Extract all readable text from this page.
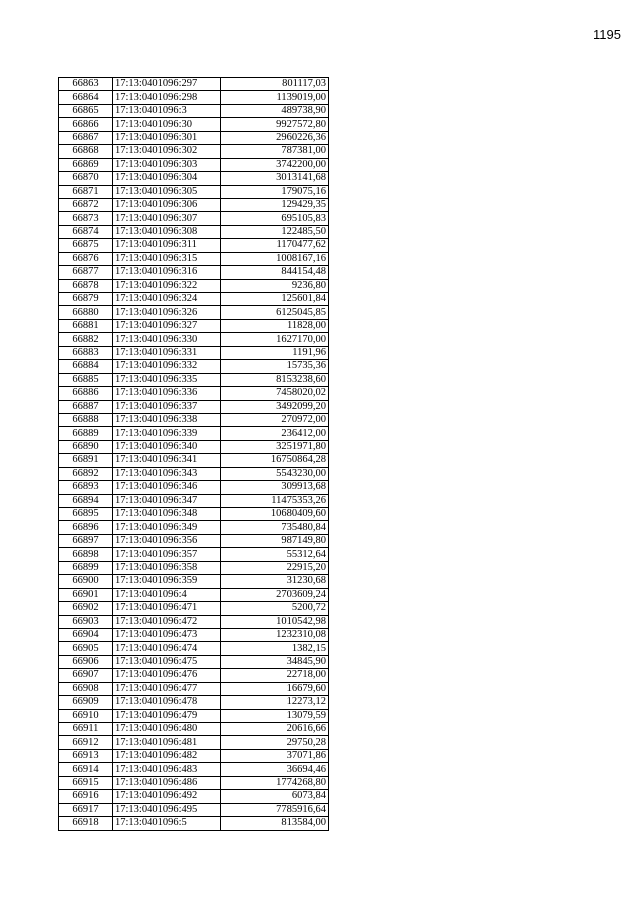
1195
66863	17:13:0401096:297	801117,03
66864	17:13:0401096:298	1139019,00
66865	17:13:0401096:3	489738,90
66866	17:13:0401096:30	9927572,80
66867	17:13:0401096:301	2960226,36
66868	17:13:0401096:302	787381,00
66869	17:13:0401096:303	3742200,00
66870	17:13:0401096:304	3013141,68
66871	17:13:0401096:305	179075,16
66872	17:13:0401096:306	129429,35
66873	17:13:0401096:307	695105,83
66874	17:13:0401096:308	122485,50
66875	17:13:0401096:311	1170477,62
66876	17:13:0401096:315	1008167,16
66877	17:13:0401096:316	844154,48
66878	17:13:0401096:322	9236,80
66879	17:13:0401096:324	125601,84
66880	17:13:0401096:326	6125045,85
66881	17:13:0401096:327	11828,00
66882	17:13:0401096:330	1627170,00
66883	17:13:0401096:331	1191,96
66884	17:13:0401096:332	15735,36
66885	17:13:0401096:335	8153238,60
66886	17:13:0401096:336	7458020,02
66887	17:13:0401096:337	3492099,20
66888	17:13:0401096:338	270972,00
66889	17:13:0401096:339	236412,00
66890	17:13:0401096:340	3251971,80
66891	17:13:0401096:341	16750864,28
66892	17:13:0401096:343	5543230,00
66893	17:13:0401096:346	309913,68
66894	17:13:0401096:347	11475353,26
66895	17:13:0401096:348	10680409,60
66896	17:13:0401096:349	735480,84
66897	17:13:0401096:356	987149,80
66898	17:13:0401096:357	55312,64
66899	17:13:0401096:358	22915,20
66900	17:13:0401096:359	31230,68
66901	17:13:0401096:4	2703609,24
66902	17:13:0401096:471	5200,72
66903	17:13:0401096:472	1010542,98
66904	17:13:0401096:473	1232310,08
66905	17:13:0401096:474	1382,15
66906	17:13:0401096:475	34845,90
66907	17:13:0401096:476	22718,00
66908	17:13:0401096:477	16679,60
66909	17:13:0401096:478	12273,12
66910	17:13:0401096:479	13079,59
66911	17:13:0401096:480	20616,66
66912	17:13:0401096:481	29750,28
66913	17:13:0401096:482	37071,86
66914	17:13:0401096:483	36694,46
66915	17:13:0401096:486	1774268,80
66916	17:13:0401096:492	6073,84
66917	17:13:0401096:495	7785916,64
66918	17:13:0401096:5	813584,00
